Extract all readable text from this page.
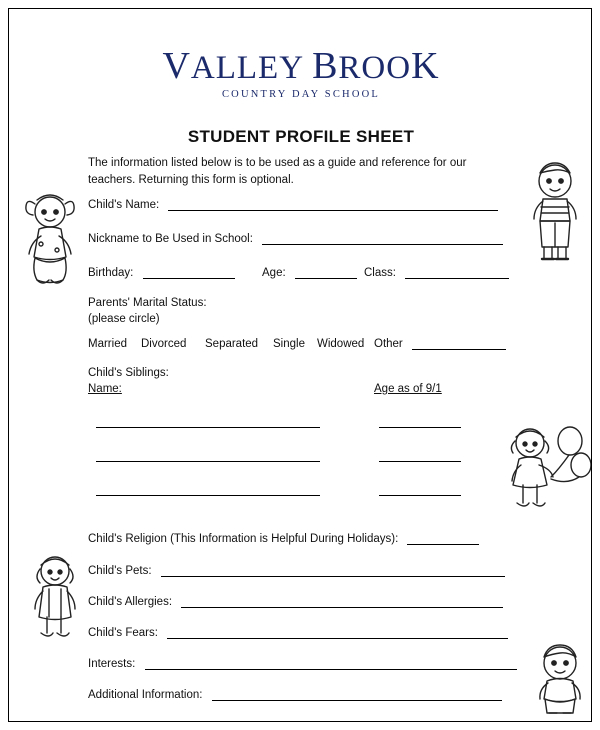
VALLEY BROOK
COUNTRY DAY SCHOOL
STUDENT PROFILE SHEET
The information listed below is to be used as a guide and reference for our teachers. Returning this form is optional.
Child's Name:
Nickname to Be Used in School:
Birthday:	Age:	Class:
Parents' Marital Status:
(please circle)
Married Divorced Separated Single Widowed Other
Child's Siblings:
Name:	Age as of 9/1
Child's Religion (This Information is Helpful During Holidays):
Child's Pets:
Child's Allergies:
Child's Fears:
Interests:
Additional Information:
